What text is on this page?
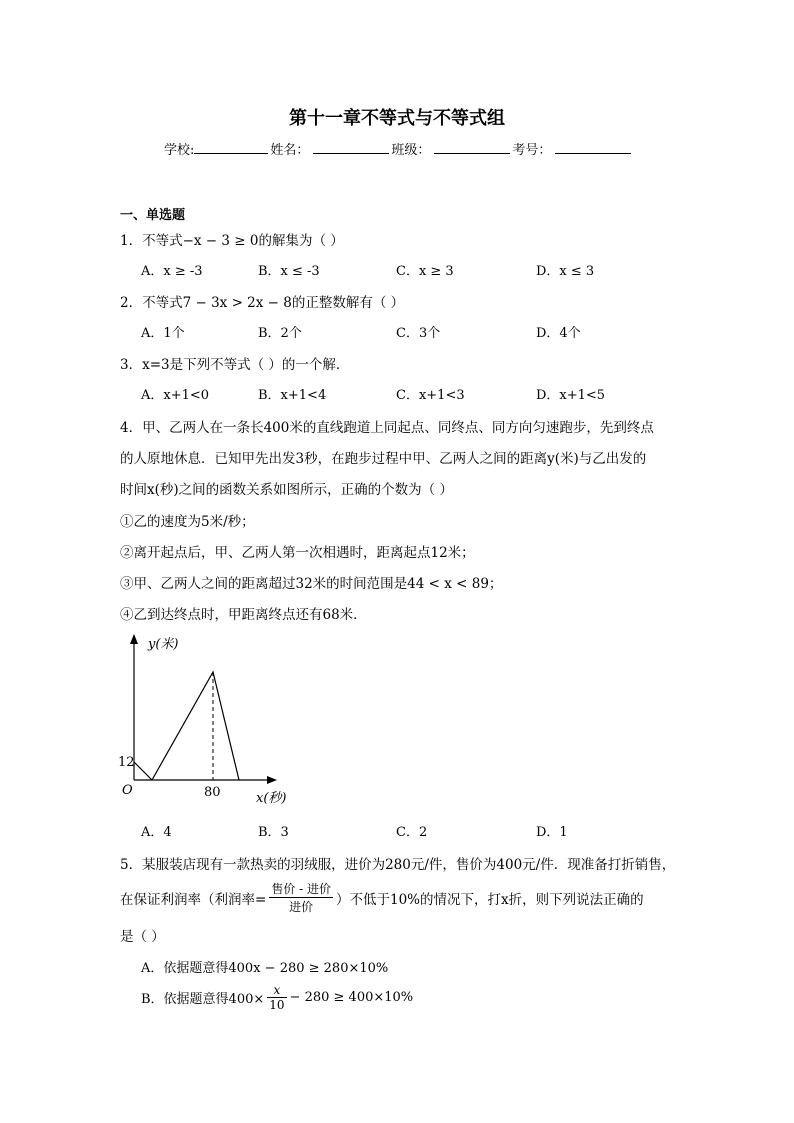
第十一章不等式与不等式组
学校:	姓名：	班级：	考号：
一、单选题
1．不等式−x − 3 ≥ 0的解集为（ ）
A．x ≥ -3	B．x ≤ -3	C．x ≥ 3	D．x ≤ 3
2．不等式7 − 3x > 2x − 8的正整数解有（ ）
A．1个	B．2个	C．3个	D．4个
3．x=3是下列不等式（ ）的一个解．
A．x+1<0	B．x+1<4	C．x+1<3	D．x+1<5
4．甲、乙两人在一条长400米的直线跑道上同起点、同终点、同方向匀速跑步，先到终点
的人原地休息．已知甲先出发3秒，在跑步过程中甲、乙两人之间的距离y(米)与乙出发的
时间x(秒)之间的函数关系如图所示，正确的个数为（ ）
①乙的速度为5米/秒；
②离开起点后，甲、乙两人第一次相遇时，距离起点12米；
③甲、乙两人之间的距离超过32米的时间范围是44 < x < 89；
④乙到达终点时，甲距离终点还有68米．
y(米)
x(秒)
O
12
80
A．4	B．3	C．2	D．1
5．某服装店现有一款热卖的羽绒服，进价为280元/件，售价为400元/件．现准备打折销售，
在保证利润率（利润率= $\frac{\text{售价 - 进价}}{\text{进价}}$ ）不低于10%的情况下，打x折，则下列说法正确的
是（ ）
A．依据题意得400x − 280 ≥ 280×10%
B．依据题意得$400\times \frac{x}{10} - 280 \ge 400\times 10\%$
